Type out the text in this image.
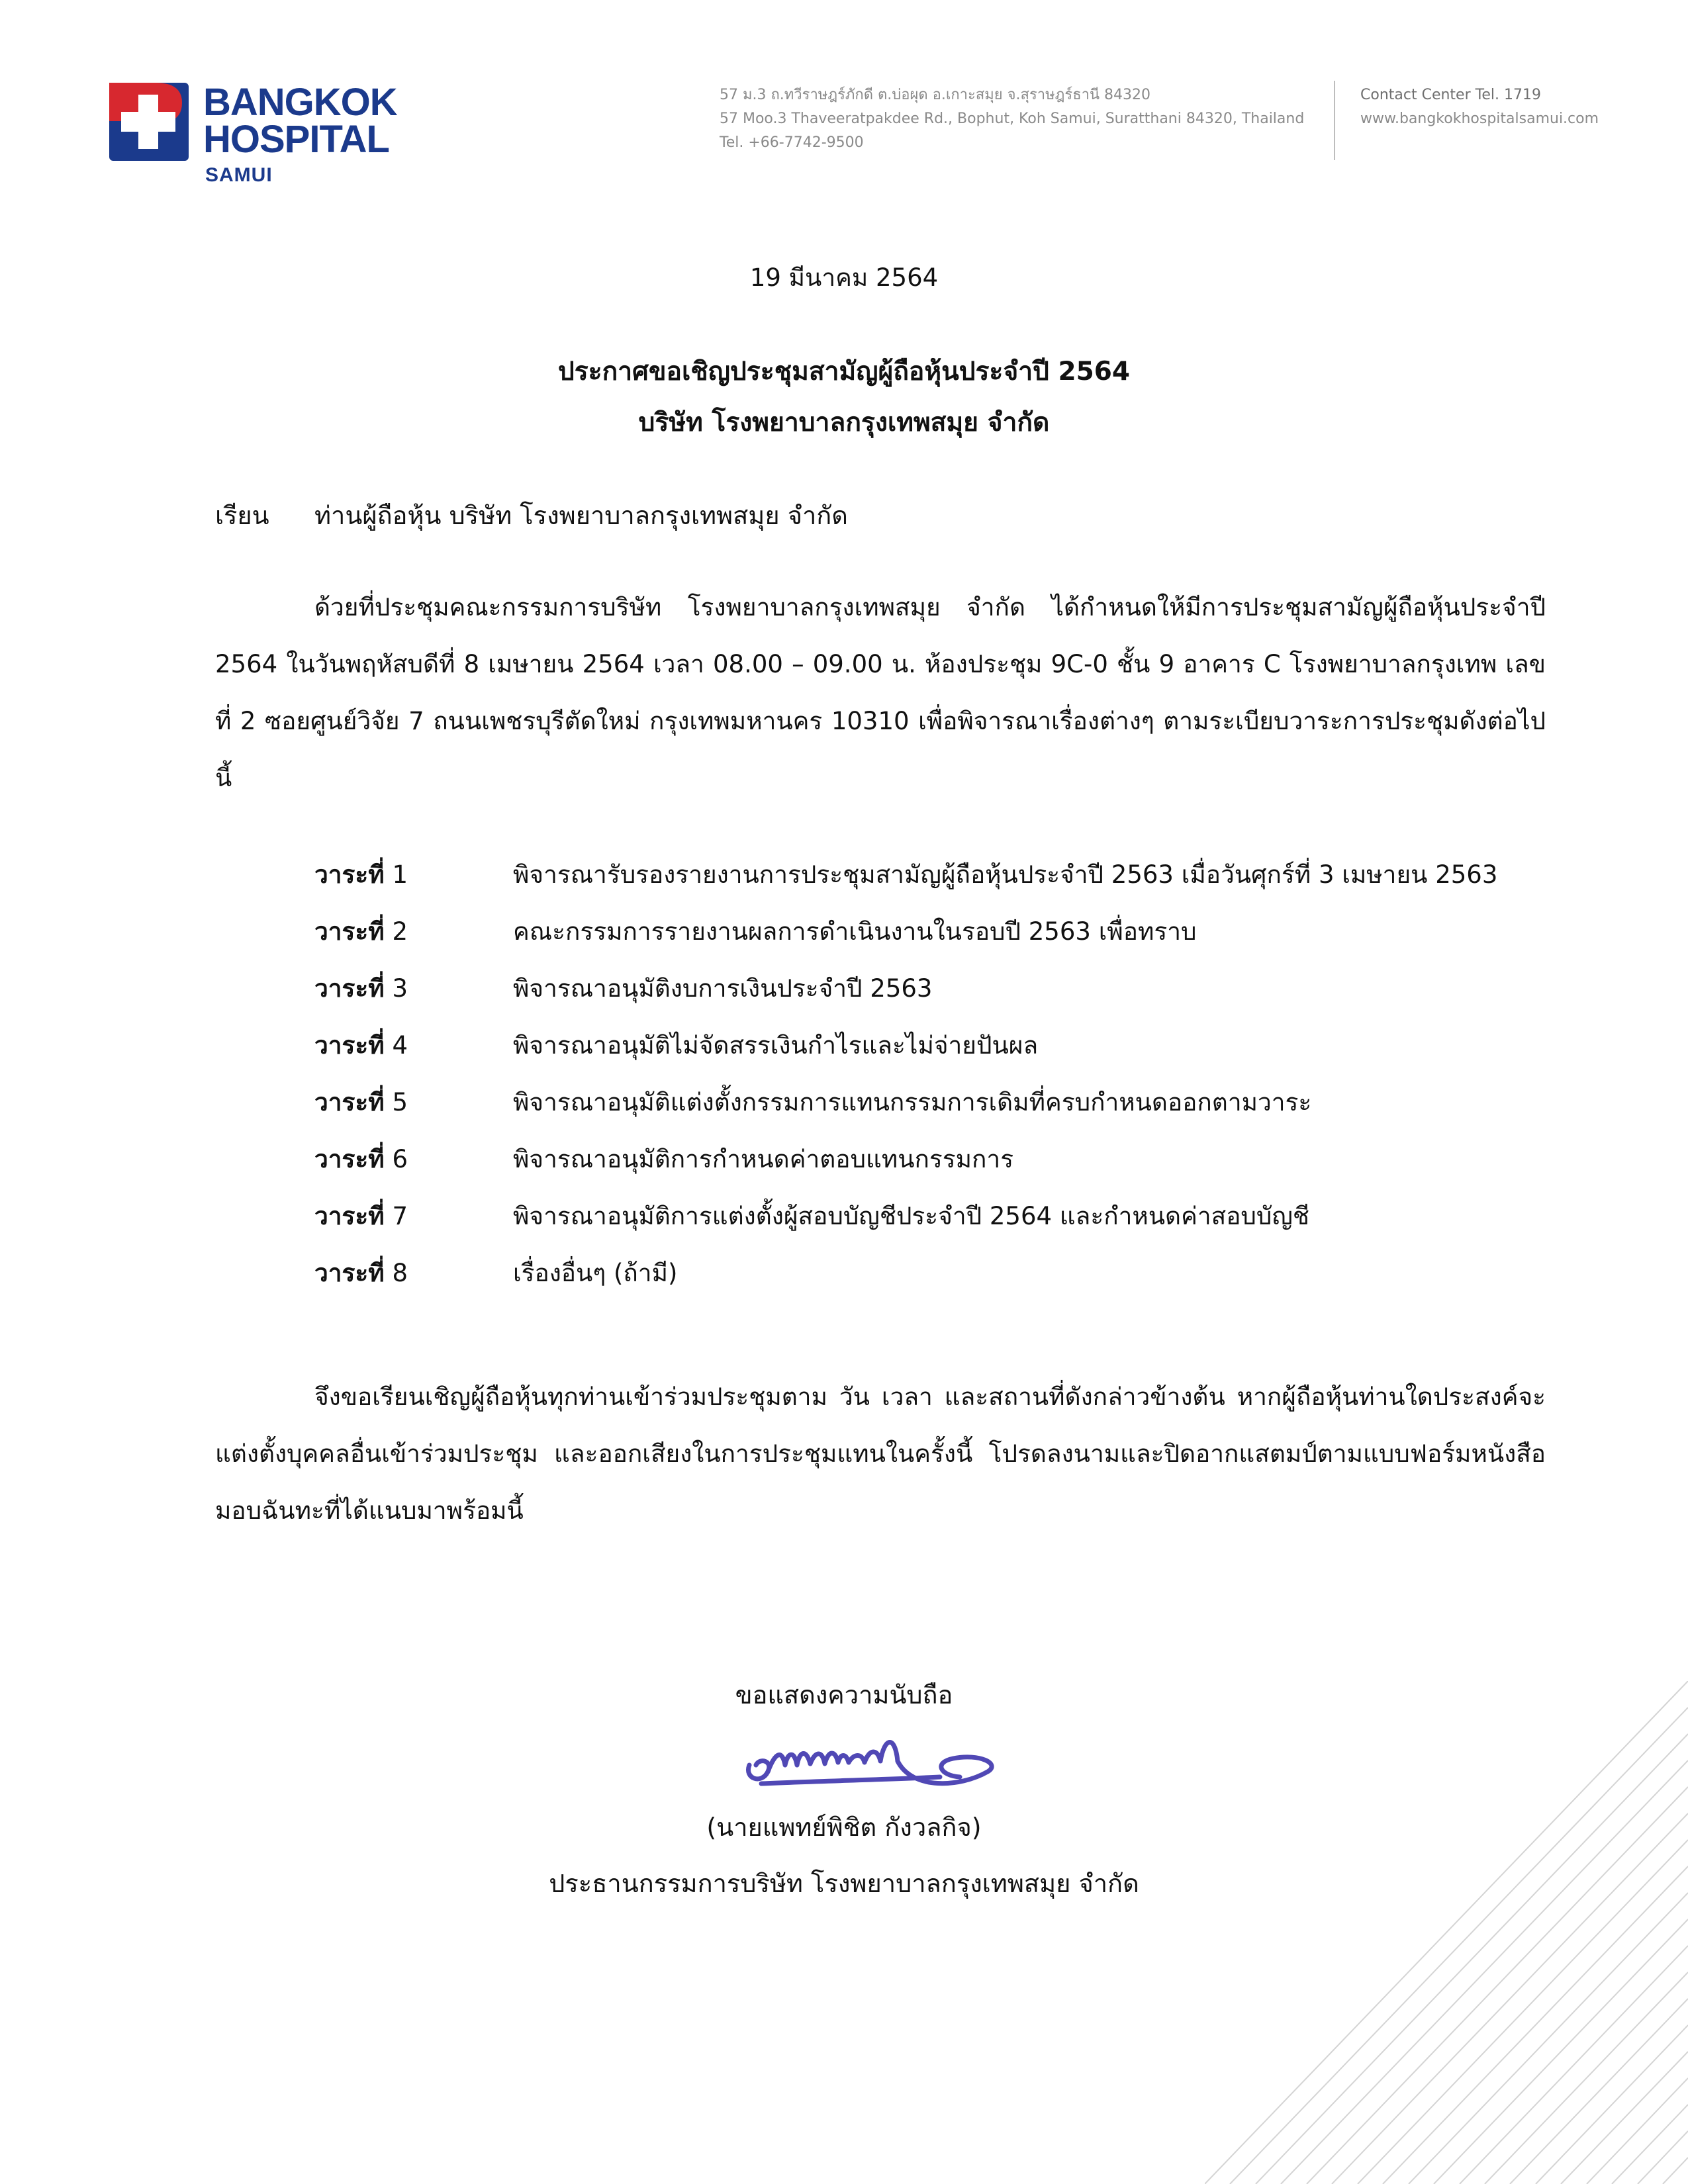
BANGKOK
HOSPITAL
SAMUI
57 ม.3 ถ.ทวีราษฎร์ภักดี ต.บ่อผุด อ.เกาะสมุย จ.สุราษฎร์ธานี 84320
57 Moo.3 Thaveeratpakdee Rd., Bophut, Koh Samui, Suratthani 84320, Thailand
Tel. +66-7742-9500
Contact Center Tel. 1719
www.bangkokhospitalsamui.com
19 มีนาคม 2564
ประกาศขอเชิญประชุมสามัญผู้ถือหุ้นประจำปี 2564
บริษัท โรงพยาบาลกรุงเทพสมุย จำกัด
เรียน ท่านผู้ถือหุ้น บริษัท โรงพยาบาลกรุงเทพสมุย จำกัด
ด้วยที่ประชุมคณะกรรมการบริษัท โรงพยาบาลกรุงเทพสมุย จำกัด ได้กำหนดให้มีการประชุมสามัญผู้ถือหุ้นประจำปี 2564 ในวันพฤหัสบดีที่ 8 เมษายน 2564 เวลา 08.00 – 09.00 น. ห้องประชุม 9C-0 ชั้น 9 อาคาร C โรงพยาบาลกรุงเทพ เลขที่ 2 ซอยศูนย์วิจัย 7 ถนนเพชรบุรีตัดใหม่ กรุงเทพมหานคร 10310 เพื่อพิจารณาเรื่องต่างๆ ตามระเบียบวาระการประชุมดังต่อไปนี้
วาระที่ 1	พิจารณารับรองรายงานการประชุมสามัญผู้ถือหุ้นประจำปี 2563 เมื่อวันศุกร์ที่ 3 เมษายน 2563
วาระที่ 2	คณะกรรมการรายงานผลการดำเนินงานในรอบปี 2563 เพื่อทราบ
วาระที่ 3	พิจารณาอนุมัติงบการเงินประจำปี 2563
วาระที่ 4	พิจารณาอนุมัติไม่จัดสรรเงินกำไรและไม่จ่ายปันผล
วาระที่ 5	พิจารณาอนุมัติแต่งตั้งกรรมการแทนกรรมการเดิมที่ครบกำหนดออกตามวาระ
วาระที่ 6	พิจารณาอนุมัติการกำหนดค่าตอบแทนกรรมการ
วาระที่ 7	พิจารณาอนุมัติการแต่งตั้งผู้สอบบัญชีประจำปี 2564 และกำหนดค่าสอบบัญชี
วาระที่ 8	เรื่องอื่นๆ (ถ้ามี)
จึงขอเรียนเชิญผู้ถือหุ้นทุกท่านเข้าร่วมประชุมตาม วัน เวลา และสถานที่ดังกล่าวข้างต้น หากผู้ถือหุ้นท่านใดประสงค์จะแต่งตั้งบุคคลอื่นเข้าร่วมประชุม และออกเสียงในการประชุมแทนในครั้งนี้ โปรดลงนามและปิดอากแสตมป์ตามแบบฟอร์มหนังสือมอบฉันทะที่ได้แนบมาพร้อมนี้
ขอแสดงความนับถือ
(นายแพทย์พิชิต กังวลกิจ)
ประธานกรรมการบริษัท โรงพยาบาลกรุงเทพสมุย จำกัด
